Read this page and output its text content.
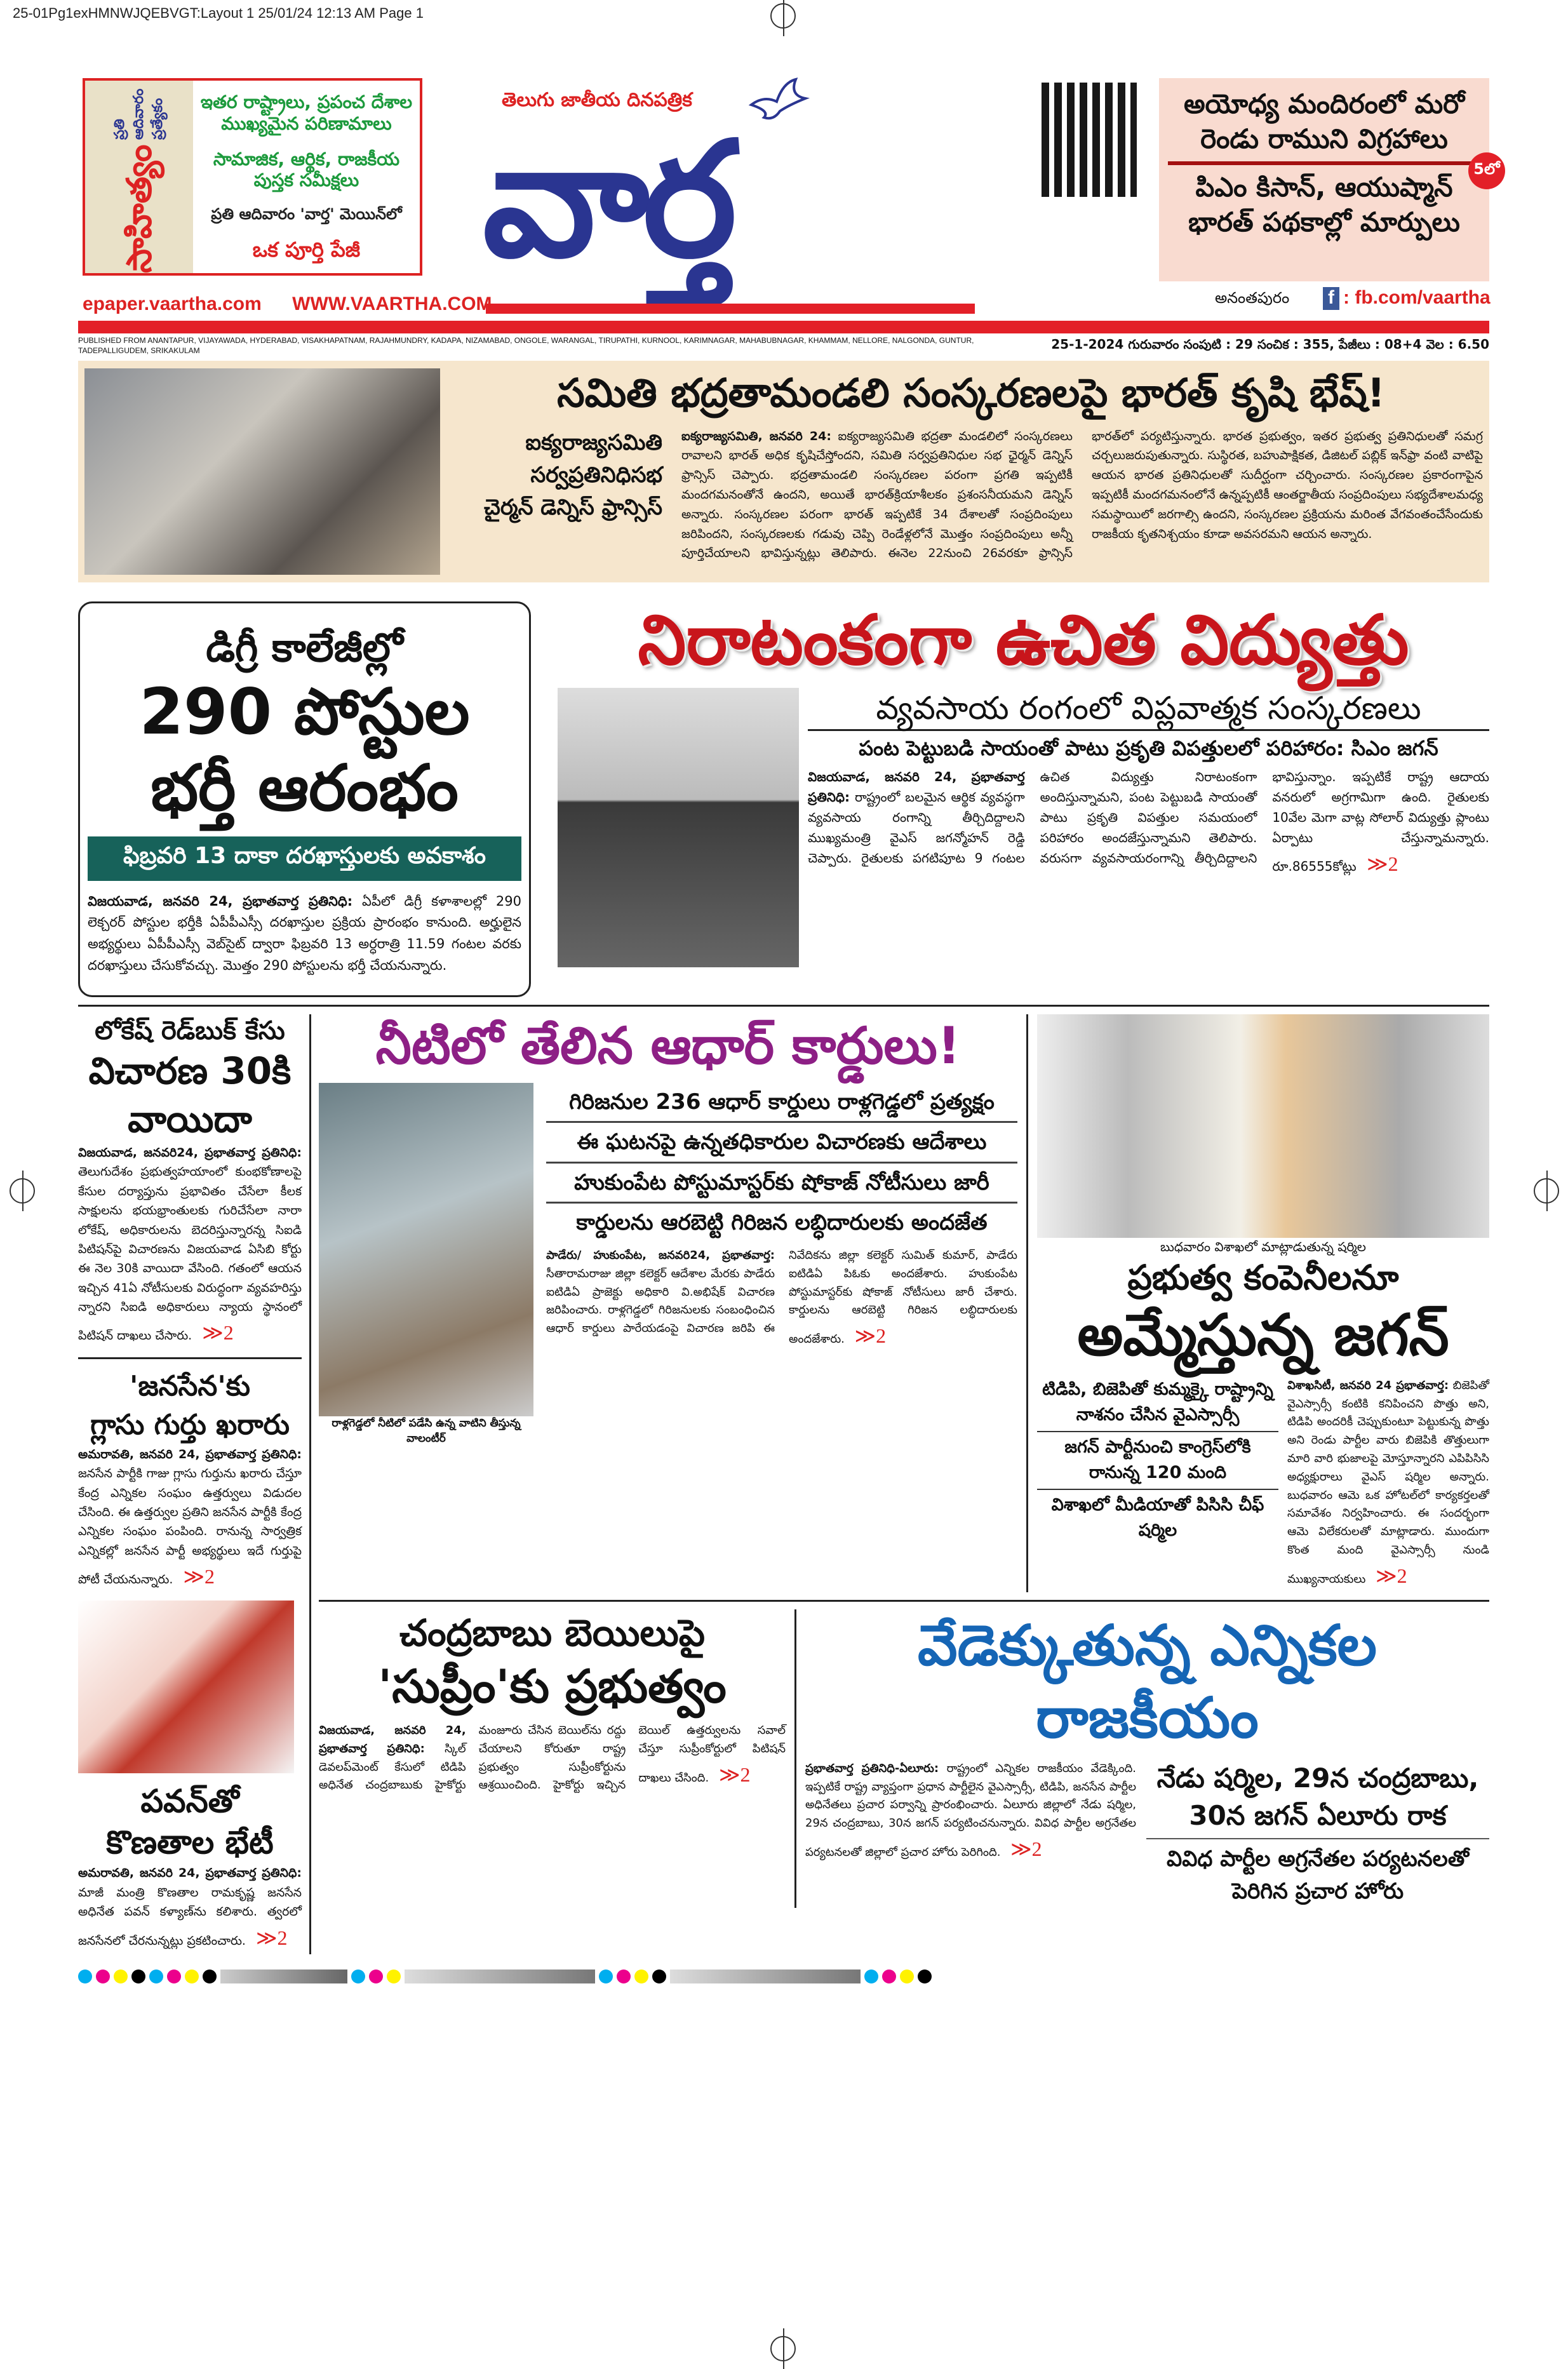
25-01Pg1exHMNWJQEBVGT:Layout 1 25/01/24 12:13 AM Page 1
సాహిత్యం
ప్రతి ఆదివారం ప్రత్యేకం ఇతర రాష్ట్రాలు, ప్రపంచ దేశాల ముఖ్యమైన పరిణామాలు
సామాజిక, ఆర్థిక, రాజకీయ పుస్తక సమీక్షలు
ప్రతి ఆదివారం 'వార్త' మెయిన్‌లో
ఒక పూర్తి పేజీ
తెలుగు జాతీయ దినపత్రిక
వార్త
అయోధ్య మందిరంలో మరో రెండు రాముని విగ్రహాలు
పిఎం కిసాన్, ఆయుష్మాన్ భారత్ పథకాల్లో మార్పులు
5లో
epaper.vaartha.com WWW.VAARTHA.COM	అనంతపురం f : fb.com/vaartha
PUBLISHED FROM ANANTAPUR, VIJAYAWADA, HYDERABAD, VISAKHAPATNAM, RAJAHMUNDRY, KADAPA, NIZAMABAD, ONGOLE, WARANGAL, TIRUPATHI, KURNOOL, KARIMNAGAR, MAHABUBNAGAR, KHAMMAM, NELLORE, NALGONDA, GUNTUR, TADEPALLIGUDEM, SRIKAKULAM	25-1-2024 గురువారం సంపుటి : 29 సంచిక : 355, పేజీలు : 08+4 వెల : 6.50
సమితి భద్రతామండలి సంస్కరణలపై భారత్ కృషి భేష్!
ఐక్యరాజ్యసమితి
సర్వప్రతినిధిసభ
చైర్మన్ డెన్నిస్ ఫ్రాన్సిస్
ఐక్యరాజ్యసమితి, జనవరి 24: ఐక్యరాజ్యసమితి భద్రతా మండలిలో సంస్కరణలు రావాలని భారత్ అధిక కృషిచేస్తోందని, సమితి సర్వప్రతినిధుల సభ ఛైర్మన్ డెన్నిస్ ఫ్రాన్సిస్ చెప్పారు. భద్రతామండలి సంస్కరణల పరంగా ప్రగతి ఇప్పటికీ మందగమనంతోనే ఉందని, అయితే భారత్‌క్రియాశీలకం ప్రశంసనీయమని డెన్నిస్ అన్నారు. సంస్కరణల పరంగా భారత్ ఇప్పటికే 34 దేశాలతో సంప్రదింపులు జరిపిందని, సంస్కరణలకు గడువు చెప్పి రెండేళ్లలోనే మొత్తం సంప్రదింపులు అన్నీ పూర్తిచేయాలని భావిస్తున్నట్లు తెలిపారు. ఈనెల 22నుంచి 26వరకూ ఫ్రాన్సిస్ భారత్‌లో పర్యటిస్తున్నారు. భారత ప్రభుత్వం, ఇతర ప్రభుత్వ ప్రతినిధులతో సమగ్ర చర్చలుజరుపుతున్నారు. సుస్థిరత, బహుపాక్షికత, డిజిటల్ పబ్లిక్ ఇన్‌ఫ్రా వంటి వాటిపై ఆయన భారత ప్రతినిధులతో సుదీర్ఘంగా చర్చించారు. సంస్కరణల ప్రకారంగాపైన ఇప్పటికీ మందగమనంలోనే ఉన్నప్పటికీ ఆంతర్జాతీయ సంప్రదింపులు సభ్యదేశాలమధ్య సమస్థాయిలో జరగాల్సి ఉందని, సంస్కరణల ప్రక్రియను మరింత వేగవంతంచేసేందుకు రాజకీయ కృతనిశ్చయం కూడా అవసరమని ఆయన అన్నారు.
డిగ్రీ కాలేజీల్లో
290 పోస్టుల
భర్తీ ఆరంభం
ఫిబ్రవరి 13 దాకా దరఖాస్తులకు అవకాశం
విజయవాడ, జనవరి 24, ప్రభాతవార్త ప్రతినిధి: ఏపీలో డిగ్రీ కళాశాలల్లో 290 లెక్చరర్ పోస్టుల భర్తీకి ఏపీపీఎస్సీ దరఖాస్తుల ప్రక్రియ ప్రారంభం కానుంది. అర్హులైన అభ్యర్థులు ఏపీపీఎస్సీ వెబ్‌సైట్ ద్వారా ఫిబ్రవరి 13 అర్ధరాత్రి 11.59 గంటల వరకు దరఖాస్తులు చేసుకోవచ్చు. మొత్తం 290 పోస్టులను భర్తీ చేయనున్నారు.
నిరాటంకంగా ఉచిత విద్యుత్తు
వ్యవసాయ రంగంలో విప్లవాత్మక సంస్కరణలు
పంట పెట్టుబడి సాయంతో పాటు ప్రకృతి విపత్తులలో పరిహారం: సిఎం జగన్
విజయవాడ, జనవరి 24, ప్రభాతవార్త ప్రతినిధి: రాష్ట్రంలో బలమైన ఆర్థిక వ్యవస్థగా వ్యవసాయ రంగాన్ని తీర్చిదిద్దాలని ముఖ్యమంత్రి వైఎస్ జగన్మోహన్ రెడ్డి చెప్పారు. రైతులకు పగటిపూట 9 గంటల ఉచిత విద్యుత్తు నిరాటంకంగా అందిస్తున్నామని, పంట పెట్టుబడి సాయంతో పాటు ప్రకృతి విపత్తుల సమయంలో పరిహారం అందజేస్తున్నామని తెలిపారు. వరుసగా వ్యవసాయరంగాన్ని తీర్చిదిద్దాలని భావిస్తున్నాం. ఇప్పటికే రాష్ట్ర ఆదాయ వనరులో అగ్రగామిగా ఉంది. రైతులకు 10వేల మెగా వాట్ల సోలార్ విద్యుత్తు ప్లాంటు ఏర్పాటు చేస్తున్నామన్నారు. రూ.86555కోట్లు ≫2
లోకేష్ రెడ్‌బుక్ కేసు
విచారణ 30కి వాయిదా
విజయవాడ, జనవరి24, ప్రభాతవార్త ప్రతినిధి: తెలుగుదేశం ప్రభుత్వహయాంలో కుంభకోణాలపై కేసుల దర్యాప్తును ప్రభావితం చేసేలా కీలక సాక్షులను భయభ్రాంతులకు గురిచేసేలా నారా లోకేష్, అధికారులను బెదరిస్తున్నారన్న సిఐడి పిటిషన్‌పై విచారణను విజయవాడ ఏసిబి కోర్టు ఈ నెల 30కి వాయిదా వేసింది. గతంలో ఆయన ఇచ్చిన 41ఏ నోటీసులకు విరుద్ధంగా వ్యవహరిస్తు న్నారని సిఐడి అధికారులు న్యాయ స్థానంలో పిటిషన్ దాఖలు చేసారు. ≫2
'జనసేన'కు
గ్లాసు గుర్తు ఖరారు
అమరావతి, జనవరి 24, ప్రభాతవార్త ప్రతినిధి: జనసేన పార్టీకి గాజు గ్లాసు గుర్తును ఖరారు చేస్తూ కేంద్ర ఎన్నికల సంఘం ఉత్తర్వులు విడుదల చేసింది. ఈ ఉత్తర్వుల ప్రతిని జనసేన పార్టీకి కేంద్ర ఎన్నికల సంఘం పంపింది. రానున్న సార్వత్రిక ఎన్నికల్లో జనసేన పార్టీ అభ్యర్థులు ఇదే గుర్తుపై పోటీ చేయనున్నారు. ≫2
పవన్‌తో
కొణతాల భేటీ
అమరావతి, జనవరి 24, ప్రభాతవార్త ప్రతినిధి: మాజీ మంత్రి కొణతాల రామకృష్ణ జనసేన అధినేత పవన్ కళ్యాణ్‌ను కలిశారు. త్వరలో జనసేనలో చేరనున్నట్లు ప్రకటించారు. ≫2
నీటిలో తేలిన ఆధార్ కార్డులు!
రాళ్లగెడ్డలో నీటిలో పడేసి ఉన్న వాటిని తీస్తున్న వాలంటీర్
గిరిజనుల 236 ఆధార్ కార్డులు రాళ్లగెడ్డలో ప్రత్యక్షం
ఈ ఘటనపై ఉన్నతధికారుల విచారణకు ఆదేశాలు
హుకుంపేట పోస్టుమాస్టర్‌కు షోకాజ్ నోటీసులు జారీ
కార్డులను ఆరబెట్టి గిరిజన లబ్ధిదారులకు అందజేత
పాడేరు/ హుకుంపేట, జనవరి24, ప్రభాతవార్త: సీతారామరాజు జిల్లా కలెక్టర్ ఆదేశాల మేరకు పాడేరు ఐటిడిఏ ప్రాజెక్టు అధికారి వి.అభిషేక్ విచారణ జరిపించారు. రాళ్లగెడ్డలో గిరిజనులకు సంబంధించిన ఆధార్ కార్డులు పారేయడంపై విచారణ జరిపి ఈ నివేదికను జిల్లా కలెక్టర్ సుమిత్ కుమార్, పాడేరు ఐటిడిఏ పిఓకు అందజేశారు. హుకుంపేట పోస్టుమాస్టర్‌కు షోకాజ్ నోటీసులు జారీ చేశారు. కార్డులను ఆరబెట్టి గిరిజన లబ్ధిదారులకు అందజేశారు. ≫2
బుధవారం విశాఖలో మాట్లాడుతున్న షర్మిల
ప్రభుత్వ కంపెనీలనూ
అమ్మేస్తున్న జగన్
టిడిపి, బిజెపితో కుమ్మక్కై రాష్ట్రాన్ని నాశనం చేసిన వైఎస్సార్సీ
జగన్ పార్టీనుంచి కాంగ్రెస్‌లోకి రానున్న 120 మంది
విశాఖలో మీడియాతో పిసిసి చీఫ్ షర్మిల
విశాఖసిటీ, జనవరి 24 ప్రభాతవార్త: బిజెపితో వైఎస్సార్సీ కంటికి కనిపించని పొత్తు అని, టిడిపి అందరికీ చెప్పుకుంటూ పెట్టుకున్న పొత్తు అని రెండు పార్టీల వారు బిజెపికి తొత్తులుగా మారి వారి భుజాలపై మోస్తూన్నారని ఎపిపిసిసి అధ్యక్షురాలు వైఎస్ షర్మిల అన్నారు. బుధవారం ఆమె ఒక హోటల్‌లో కార్యకర్తలతో సమావేశం నిర్వహించారు. ఈ సందర్భంగా ఆమె విలేకరులతో మాట్లాడారు. ముందుగా కొంత మంది వైఎస్సార్సీ నుండి ముఖ్యనాయకులు ≫2
చంద్రబాబు బెయిలుపై
'సుప్రీం'కు ప్రభుత్వం
విజయవాడ, జనవరి 24, ప్రభాతవార్త ప్రతినిధి: స్కిల్ డెవలప్‌మెంట్ కేసులో టిడిపి అధినేత చంద్రబాబుకు హైకోర్టు మంజూరు చేసిన బెయిల్‌ను రద్దు చేయాలని కోరుతూ రాష్ట్ర ప్రభుత్వం సుప్రీంకోర్టును ఆశ్రయించింది. హైకోర్టు ఇచ్చిన బెయిల్ ఉత్తర్వులను సవాల్ చేస్తూ సుప్రీంకోర్టులో పిటిషన్ దాఖలు చేసింది. ≫2
వేడెక్కుతున్న ఎన్నికల రాజకీయం
ప్రభాతవార్త ప్రతినిధి-ఏలూరు: రాష్ట్రంలో ఎన్నికల రాజకీయం వేడెక్కింది. ఇప్పటికే రాష్ట్ర వ్యాప్తంగా ప్రధాన పార్టీలైన వైఎస్సార్సీ, టిడిపి, జనసేన పార్టీల అధినేతలు ప్రచార పర్వాన్ని ప్రారంభించారు. ఏలూరు జిల్లాలో నేడు షర్మిల, 29న చంద్రబాబు, 30న జగన్ పర్యటించనున్నారు. వివిధ పార్టీల అగ్రనేతల పర్యటనలతో జిల్లాలో ప్రచార హోరు పెరిగింది. ≫2
నేడు షర్మిల, 29న చంద్రబాబు, 30న జగన్ ఏలూరు రాక
వివిధ పార్టీల అగ్రనేతల పర్యటనలతో పెరిగిన ప్రచార హోరు
